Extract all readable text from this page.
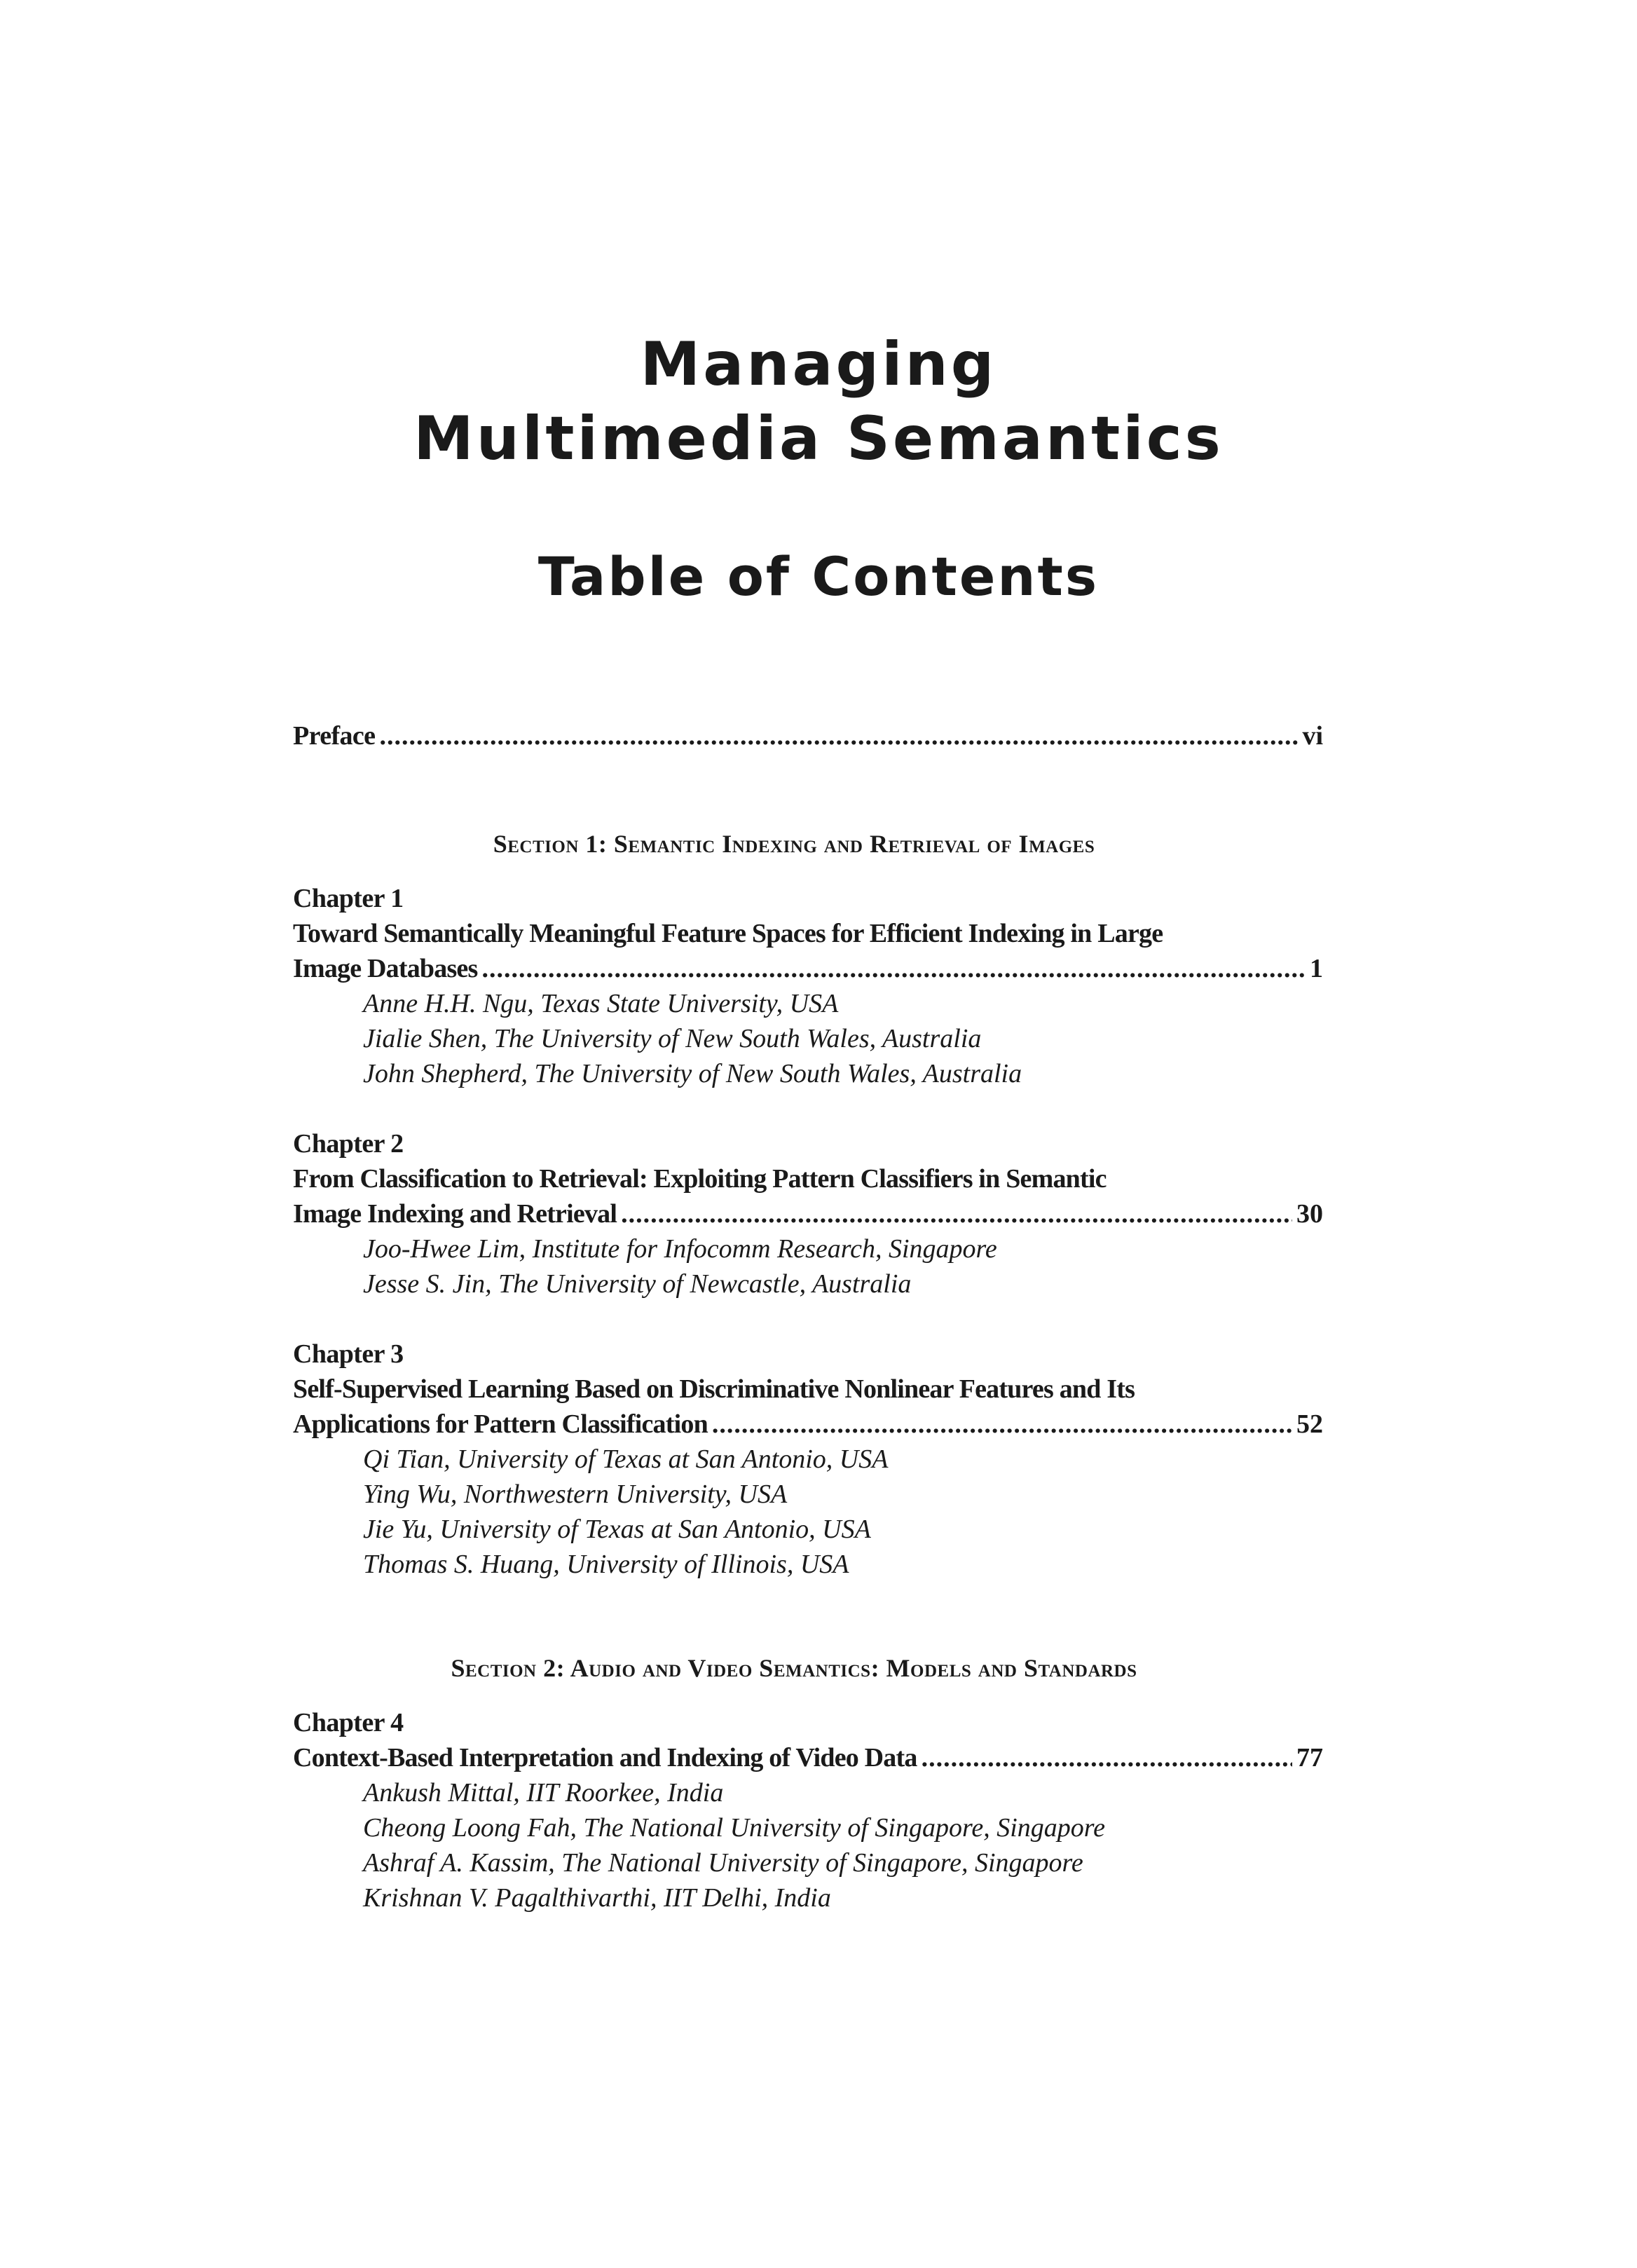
Managing
Multimedia Semantics
Table of Contents
Preface .....	vi
Section 1: Semantic Indexing and Retrieval of Images
Chapter 1
Toward Semantically Meaningful Feature Spaces for Efficient Indexing in Large
Image Databases .....	1
Anne H.H. Ngu, Texas State University, USA
Jialie Shen, The University of New South Wales, Australia
John Shepherd, The University of New South Wales, Australia
Chapter 2
From Classification to Retrieval: Exploiting Pattern Classifiers in Semantic
Image Indexing and Retrieval .....	30
Joo-Hwee Lim, Institute for Infocomm Research, Singapore
Jesse S. Jin, The University of Newcastle, Australia
Chapter 3
Self-Supervised Learning Based on Discriminative Nonlinear Features and Its
Applications for Pattern Classification .....	52
Qi Tian, University of Texas at San Antonio, USA
Ying Wu, Northwestern University, USA
Jie Yu, University of Texas at San Antonio, USA
Thomas S. Huang, University of Illinois, USA
Section 2: Audio and Video Semantics: Models and Standards
Chapter 4
Context-Based Interpretation and Indexing of Video Data .....	77
Ankush Mittal, IIT Roorkee, India
Cheong Loong Fah, The National University of Singapore, Singapore
Ashraf A. Kassim, The National University of Singapore, Singapore
Krishnan V. Pagalthivarthi, IIT Delhi, India
